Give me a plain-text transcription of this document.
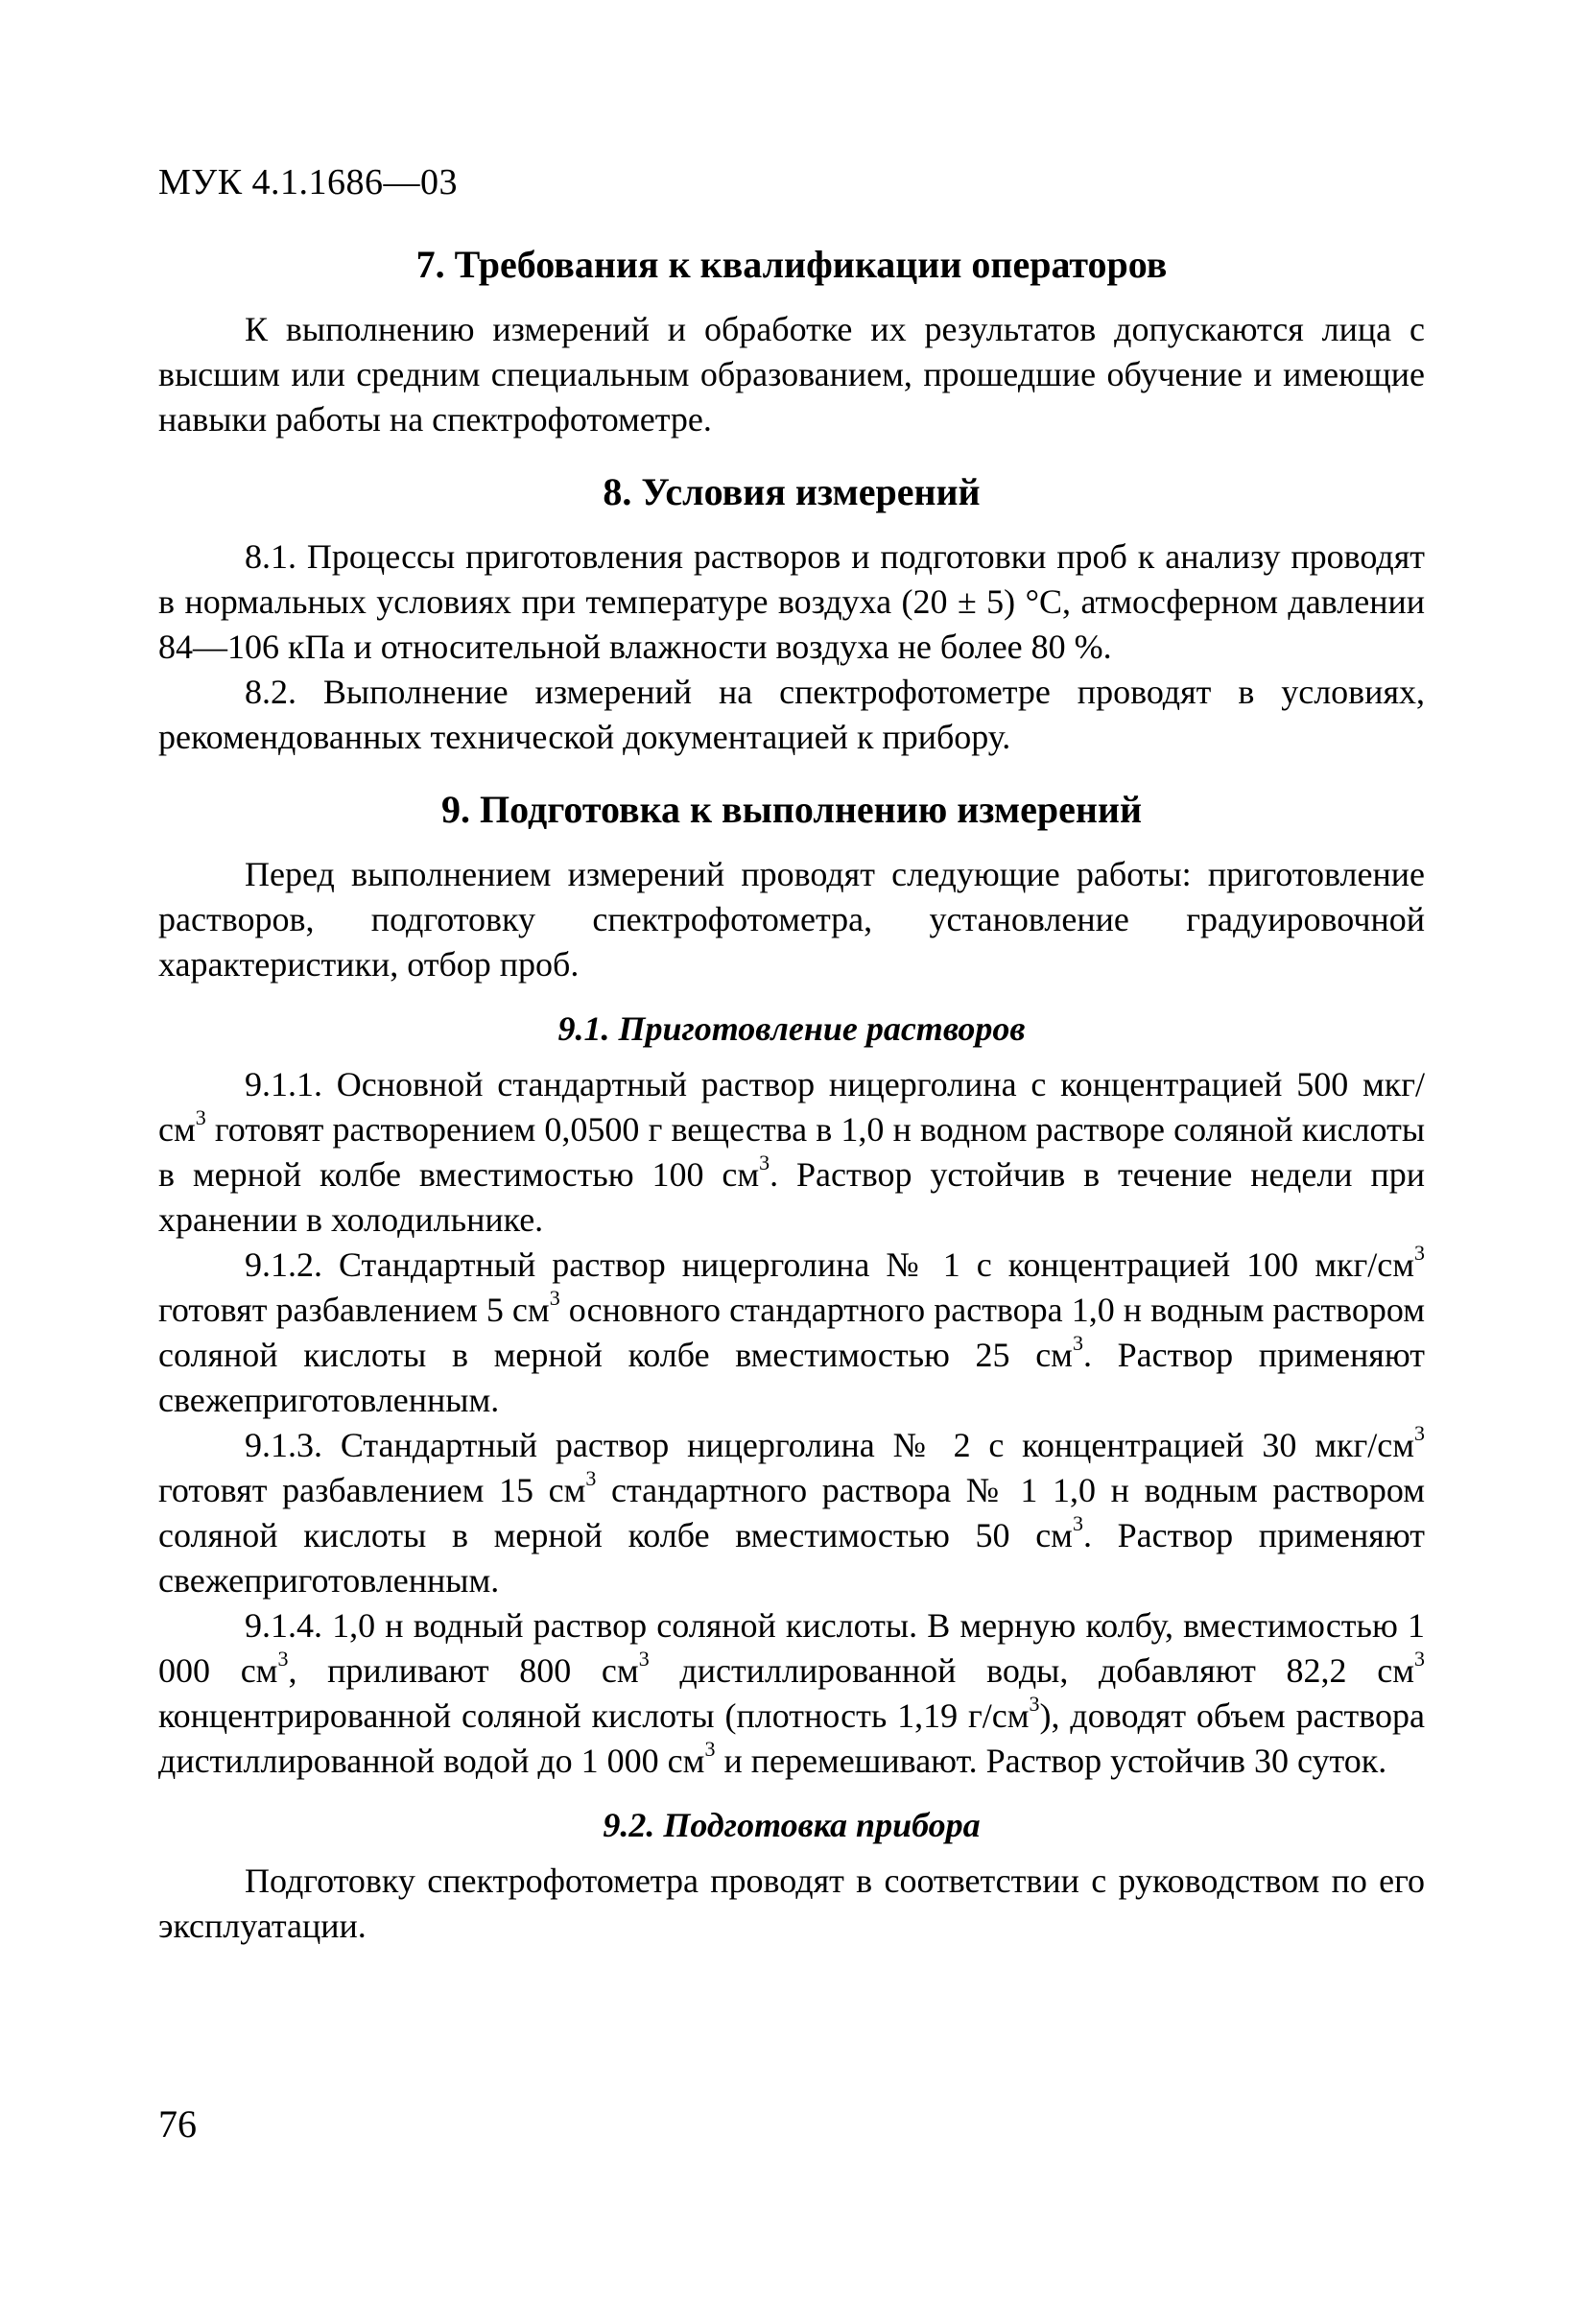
МУК 4.1.1686—03
7. Требования к квалификации операторов

К выполнению измерений и обработке их результатов допускаются лица с высшим или средним специальным образованием, прошедшие обучение и имеющие навыки работы на спектрофотометре.

8. Условия измерений

8.1. Процессы приготовления растворов и подготовки проб к анализу проводят в нормальных условиях при температуре воздуха (20 ± 5) °С, атмосферном давлении 84—106 кПа и относительной влажности воздуха не более 80 %.

8.2. Выполнение измерений на спектрофотометре проводят в условиях, рекомендованных технической документацией к прибору.

9. Подготовка к выполнению измерений

Перед выполнением измерений проводят следующие работы: приготовление растворов, подготовку спектрофотометра, установление градуировочной характеристики, отбор проб.

9.1. Приготовление растворов

9.1.1. Основной стандартный раствор ницерголина с концентрацией 500 мкг/$см^3$ готовят растворением 0,0500 г вещества в 1,0 н водном растворе соляной кислоты в мерной колбе вместимостью 100 $см^3$. Раствор устойчив в течение недели при хранении в холодильнике.

9.1.2. Стандартный раствор ницерголина № 1 с концентрацией 100 мкг/$см^3$ готовят разбавлением 5 $см^3$ основного стандартного раствора 1,0 н водным раствором соляной кислоты в мерной колбе вместимостью 25 $см^3$. Раствор применяют свежеприготовленным.

9.1.3. Стандартный раствор ницерголина № 2 с концентрацией 30 мкг/$см^3$ готовят разбавлением 15 $см^3$ стандартного раствора № 1 1,0 н водным раствором соляной кислоты в мерной колбе вместимостью 50 $см^3$. Раствор применяют свежеприготовленным.

9.1.4. 1,0 н водный раствор соляной кислоты. В мерную колбу, вместимостью 1 000 $см^3$, приливают 800 $см^3$ дистиллированной воды, добавляют 82,2 $см^3$ концентрированной соляной кислоты (плотность 1,19 $г/см^3$), доводят объем раствора дистиллированной водой до 1 000 $см^3$ и перемешивают. Раствор устойчив 30 суток.

9.2. Подготовка прибора

Подготовку спектрофотометра проводят в соответствии с руководством по его эксплуатации.

76
